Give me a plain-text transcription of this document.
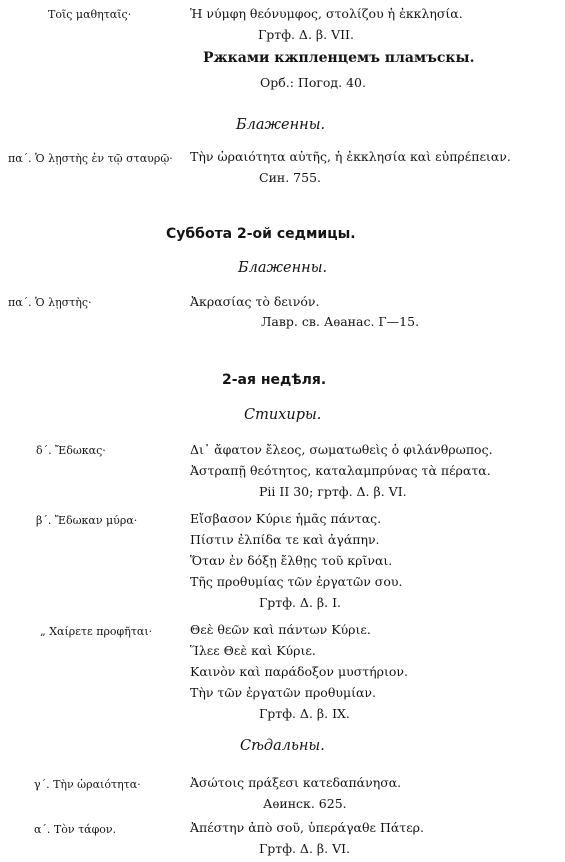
Τοῖς μαθηταῖς·	Ἡ νύμφη θεόνυμφος, στολίζου ἡ ἐκκλησία.
Гртф. Δ. β. VII.
Ржками кжпленцемъ пламъскы.
Орб.: Погод. 40.
Блаженны.
πα΄. Ὁ λῃστὴς ἐν τῷ σταυρῷ· Τὴν ὡραιότητα αὐτῆς, ἡ ἐκκλησία καὶ εὐπρέπειαν.
Син. 755.
Суббота 2-ой седмицы.
Блаженны.
πα΄. Ὁ λῃστὴς·	Ἀκρασίας τὸ δεινόν.
Лавр. св. Аѳанас. Г—15.
2-ая недѣля.
Стихиры.
δ΄. Ἔδωκας·	Δι᾽ ἄφατον ἔλεος, σωματωθεὶς ὁ φιλάνθρωπος.
Ἀστραπῇ θεότητος, καταλαμπρύνας τὰ πέρατα.
Pii II 30; гртф. Δ. β. VI.
β΄. Ἔδωκαν μύρα·	Εἴσβασον Κύριε ἡμᾶς πάντας.
Πίστιν ἐλπίδα τε καὶ ἀγάπην.
Ὅταν ἐν δόξῃ ἔλθῃς τοῦ κρῖναι.
Τῆς προθυμίας τῶν ἐργατῶν σου.
Гртф. Δ. β. I.
„ Χαίρετε προφῆται·	Θεὲ θεῶν καὶ πάντων Κύριε.
Ἵλεε Θεὲ καὶ Κύριε.
Καινὸν καὶ παράδοξον μυστήριον.
Τὴν τῶν ἐργατῶν προθυμίαν.
Гртф. Δ. β. IX.
Сѣдальны.
γ΄. Τὴν ὡραιότητα·	Ἀσώτοις πράξεσι κατεδαπάνησα.
Аѳинск. 625.
α΄. Τὸν τάφον.	Ἀπέστην ἀπὸ σοῦ, ὑπεράγαθε Πάτερ.
Гртф. Δ. β. VI.
